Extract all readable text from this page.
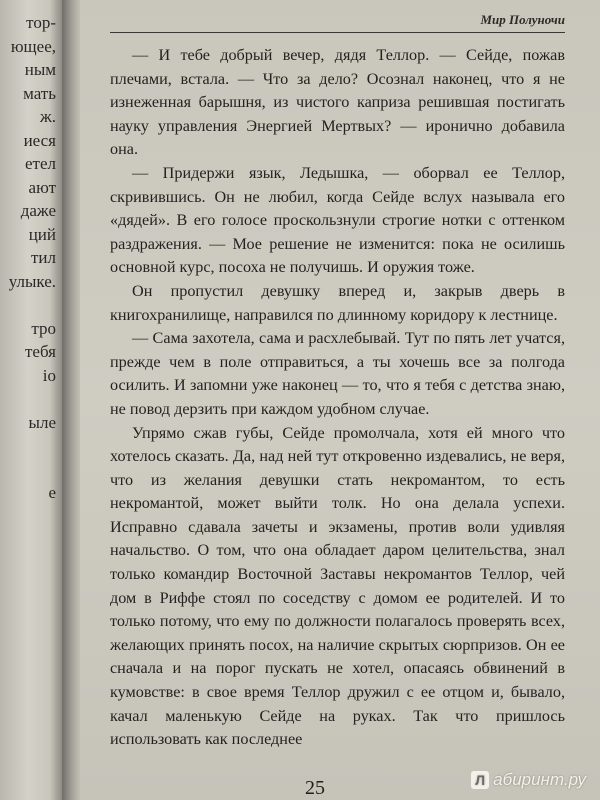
тор-
ющее,
ным
мать
ж.
иеся
етел
ают
даже
ций
тил
улыке.
тро
тебя
іо
ыле
е
Мир Полуночи

— И тебе добрый вечер, дядя Теллор. — Сейде, пожав плечами, встала. — Что за дело? Осознал наконец, что я не изнеженная барышня, из чистого каприза решившая постигать науку управления Энергией Мертвых? — иронично добавила она.

— Придержи язык, Ледышка, — оборвал ее Теллор, скривившись. Он не любил, когда Сейде вслух называла его «дядей». В его голосе проскользнули строгие нотки с оттенком раздражения. — Мое решение не изменится: пока не осилишь основной курс, посоха не получишь. И оружия тоже.

Он пропустил девушку вперед и, закрыв дверь в книгохранилище, направился по длинному коридору к лестнице.

— Сама захотела, сама и расхлебывай. Тут по пять лет учатся, прежде чем в поле отправиться, а ты хочешь все за полгода осилить. И запомни уже наконец — то, что я тебя с детства знаю, не повод дерзить при каждом удобном случае.

Упрямо сжав губы, Сейде промолчала, хотя ей много что хотелось сказать. Да, над ней тут откровенно издевались, не веря, что из желания девушки стать некромантом, то есть некромантой, может выйти толк. Но она делала успехи. Исправно сдавала зачеты и экзамены, против воли удивляя начальство. О том, что она обладает даром целительства, знал только командир Восточной Заставы некромантов Теллор, чей дом в Риффе стоял по соседству с домом ее родителей. И то только потому, что ему по должности полагалось проверять всех, желающих принять посох, на наличие скрытых сюрпризов. Он ее сначала и на порог пускать не хотел, опасаясь обвинений в кумовстве: в свое время Теллор дружил с ее отцом и, бывало, качал маленькую Сейде на руках. Так что пришлось использовать как последнее

25	Л абиринт.ру
